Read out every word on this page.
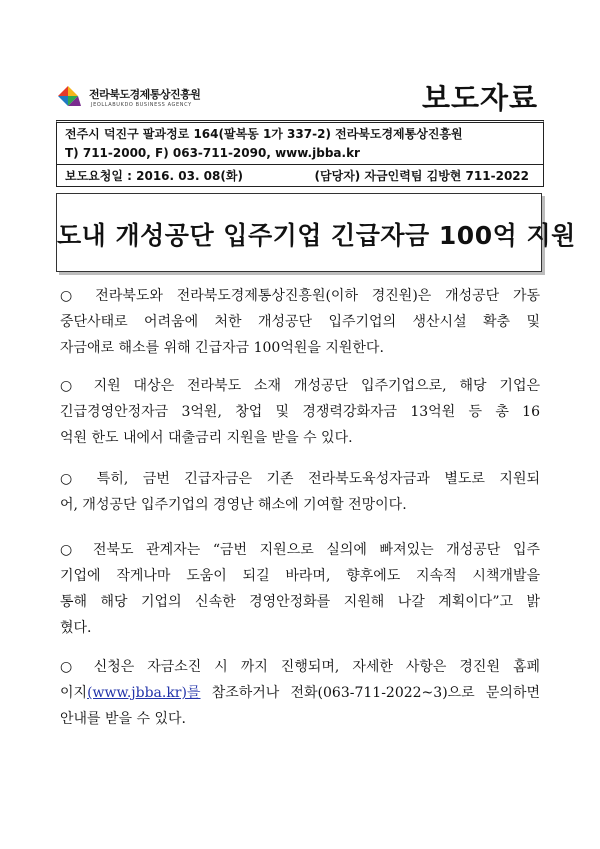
전라북도경제통상진흥원
JEOLLABUKDO BUSINESS AGENCY	보도자료
전주시 덕진구 팔과정로 164(팔복동 1가 337-2) 전라북도경제통상진흥원
T) 711-2000, F) 063-711-2090, www.jbba.kr
보도요청일 : 2016. 03. 08(화)	(담당자) 자금인력팀 김방현 711-2022
도내 개성공단 입주기업 긴급자금 100억 지원
○ 전라북도와 전라북도경제통상진흥원(이하 경진원)은 개성공단 가동
중단사태로 어려움에 처한 개성공단 입주기업의 생산시설 확충 및
자금애로 해소를 위해 긴급자금 100억원을 지원한다.
○ 지원 대상은 전라북도 소재 개성공단 입주기업으로, 해당 기업은
긴급경영안정자금 3억원, 창업 및 경쟁력강화자금 13억원 등 총 16
억원 한도 내에서 대출금리 지원을 받을 수 있다.
○ 특히, 금번 긴급자금은 기존 전라북도육성자금과 별도로 지원되
어, 개성공단 입주기업의 경영난 해소에 기여할 전망이다.
○ 전북도 관계자는 “금번 지원으로 실의에 빠져있는 개성공단 입주
기업에 작게나마 도움이 되길 바라며, 향후에도 지속적 시책개발을
통해 해당 기업의 신속한 경영안정화를 지원해 나갈 계획이다”고 밝
혔다.
○ 신청은 자금소진 시 까지 진행되며, 자세한 사항은 경진원 홈페
이지(www.jbba.kr)를 참조하거나 전화(063-711-2022~3)으로 문의하면
안내를 받을 수 있다.
